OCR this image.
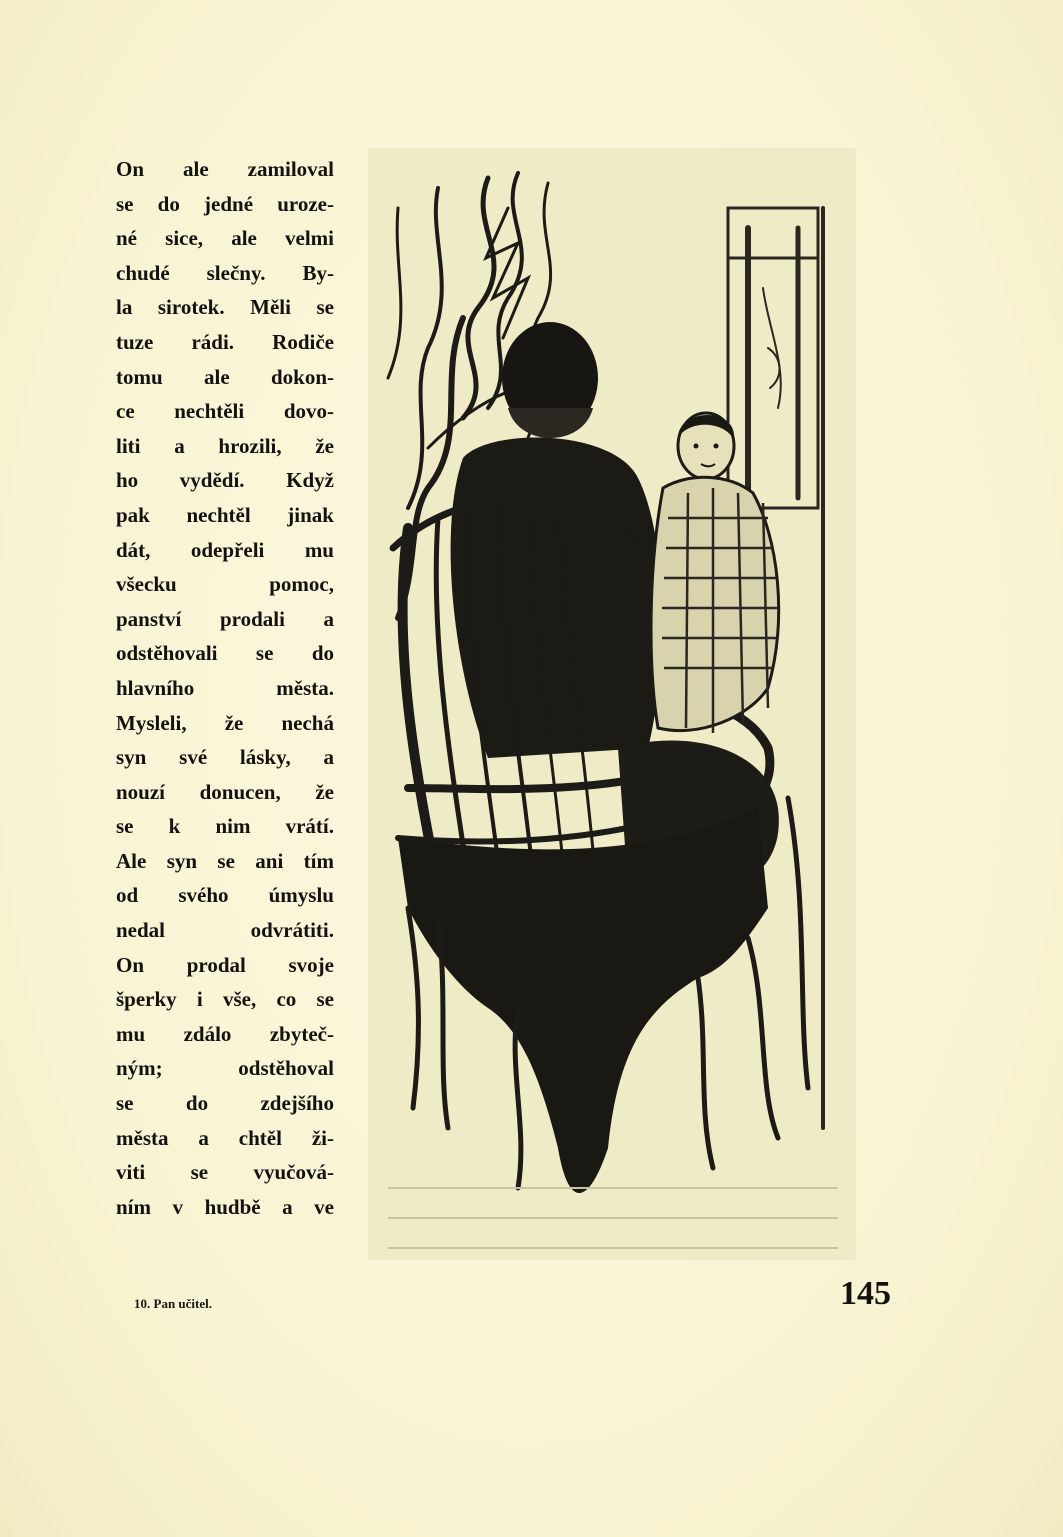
On ale zamiloval
se do jedné uroze-
né sice, ale velmi
chudé slečny. By-
la sirotek. Měli se
tuze rádi. Rodiče
tomu ale dokon-
ce nechtěli dovo-
liti a hrozili, že
ho vydědí. Když
pak nechtěl jinak
dát, odepřeli mu
všecku pomoc,
panství prodali a
odstěhovali se do
hlavního města.
Mysleli, že nechá
syn své lásky, a
nouzí donucen, že
se k nim vrátí.
Ale syn se ani tím
od svého úmyslu
nedal odvrátiti.
On prodal svoje
šperky i vše, co se
mu zdálo zbyteč-
ným; odstěhoval
se do zdejšího
města a chtěl ži-
viti se vyučová-
ním v hudbě a ve
10. Pan učitel.	145
